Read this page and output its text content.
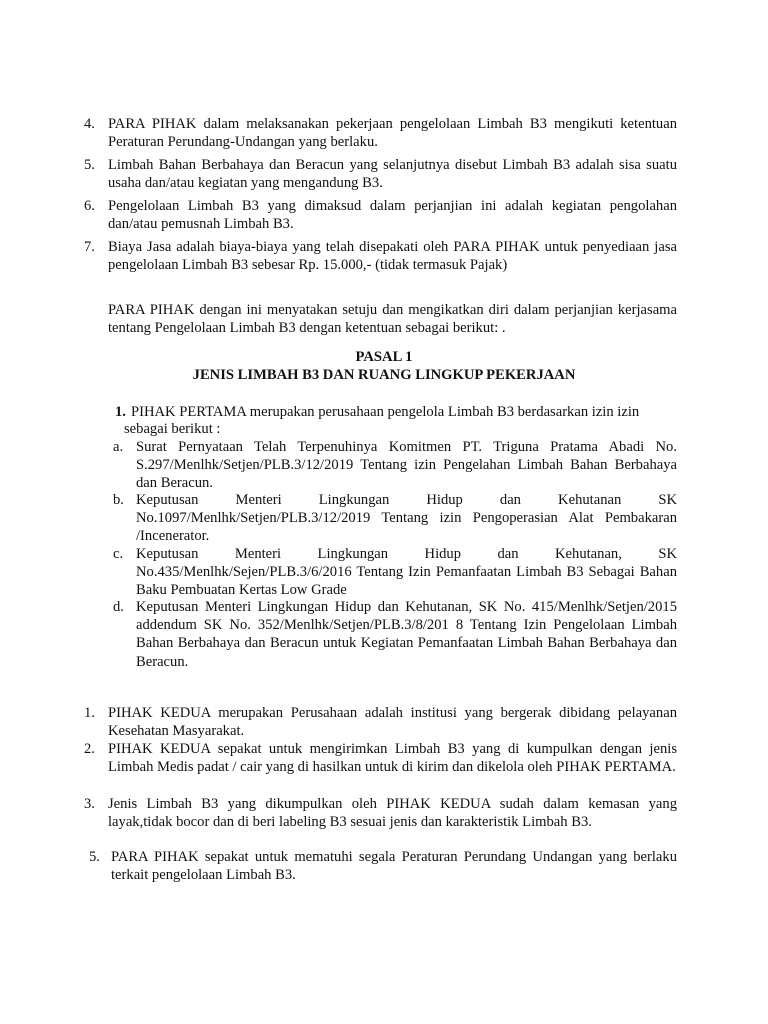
4. PARA PIHAK dalam melaksanakan pekerjaan pengelolaan Limbah B3 mengikuti ketentuan Peraturan Perundang-Undangan yang berlaku.
5. Limbah Bahan Berbahaya dan Beracun yang selanjutnya disebut Limbah B3 adalah sisa suatu usaha dan/atau kegiatan yang mengandung B3.
6. Pengelolaan Limbah B3 yang dimaksud dalam perjanjian ini adalah kegiatan pengolahan dan/atau pemusnah Limbah B3.
7. Biaya Jasa adalah biaya-biaya yang telah disepakati oleh PARA PIHAK untuk penyediaan jasa pengelolaan Limbah B3 sebesar Rp. 15.000,- (tidak termasuk Pajak)
PARA PIHAK dengan ini menyatakan setuju dan mengikatkan diri dalam perjanjian kerjasama tentang Pengelolaan Limbah B3 dengan ketentuan sebagai berikut: .
PASAL 1
JENIS LIMBAH B3 DAN RUANG LINGKUP PEKERJAAN
1. PIHAK PERTAMA merupakan perusahaan pengelola Limbah B3 berdasarkan izin izin
sebagai berikut :
a. Surat Pernyataan Telah Terpenuhinya Komitmen PT. Triguna Pratama Abadi No. S.297/Menlhk/Setjen/PLB.3/12/2019 Tentang izin Pengelahan Limbah Bahan Berbahaya dan Beracun.
b. Keputusan Menteri Lingkungan Hidup dan Kehutanan SK No.1097/Menlhk/Setjen/PLB.3/12/2019 Tentang izin Pengoperasian Alat Pembakaran /Incenerator.
c. Keputusan Menteri Lingkungan Hidup dan Kehutanan, SK No.435/Menlhk/Sejen/PLB.3/6/2016 Tentang Izin Pemanfaatan Limbah B3 Sebagai Bahan Baku Pembuatan Kertas Low Grade
d. Keputusan Menteri Lingkungan Hidup dan Kehutanan, SK No. 415/Menlhk/Setjen/2015 addendum SK No. 352/Menlhk/Setjen/PLB.3/8/201 8 Tentang Izin Pengelolaan Limbah Bahan Berbahaya dan Beracun untuk Kegiatan Pemanfaatan Limbah Bahan Berbahaya dan Beracun.
1. PIHAK KEDUA merupakan Perusahaan adalah institusi yang bergerak dibidang pelayanan Kesehatan Masyarakat.
2. PIHAK KEDUA sepakat untuk mengirimkan Limbah B3 yang di kumpulkan dengan jenis Limbah Medis padat / cair yang di hasilkan untuk di kirim dan dikelola oleh PIHAK PERTAMA.
3. Jenis Limbah B3 yang dikumpulkan oleh PIHAK KEDUA sudah dalam kemasan yang layak,tidak bocor dan di beri labeling B3 sesuai jenis dan karakteristik Limbah B3.
5. PARA PIHAK sepakat untuk mematuhi segala Peraturan Perundang Undangan yang berlaku terkait pengelolaan Limbah B3.
